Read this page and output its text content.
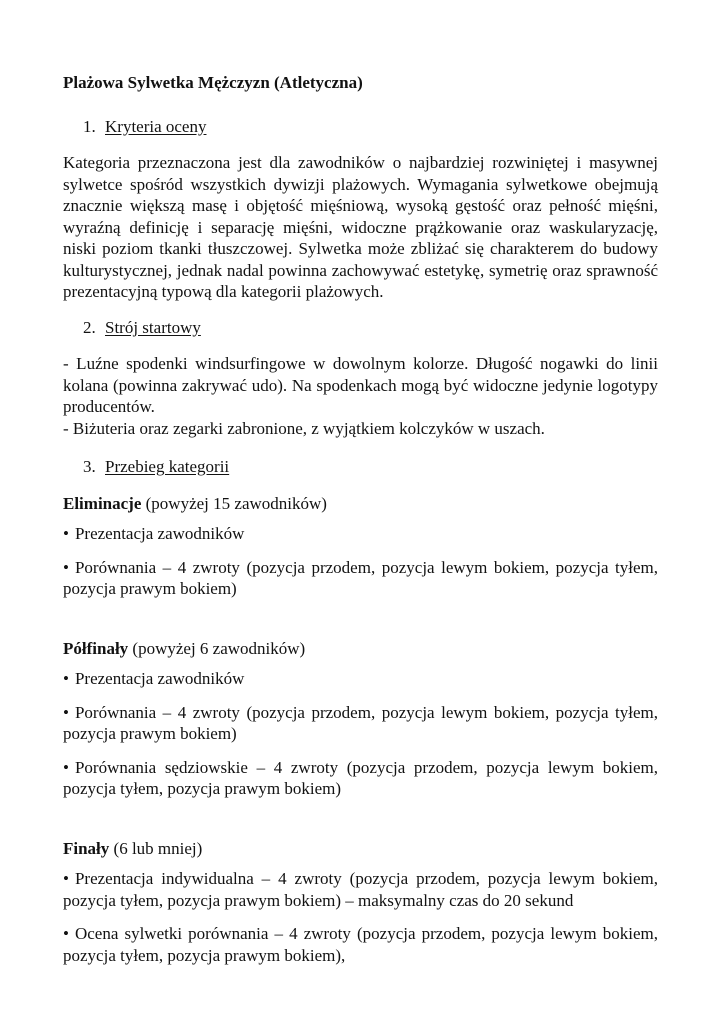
Plażowa Sylwetka Mężczyzn (Atletyczna)
1. Kryteria oceny

Kategoria przeznaczona jest dla zawodników o najbardziej rozwiniętej i masywnej sylwetce spośród wszystkich dywizji plażowych. Wymagania sylwetkowe obejmują znacznie większą masę i objętość mięśniową, wysoką gęstość oraz pełność mięśni, wyraźną definicję i separację mięśni, widoczne prążkowanie oraz waskularyzację, niski poziom tkanki tłuszczowej. Sylwetka może zbliżać się charakterem do budowy kulturystycznej, jednak nadal powinna zachowywać estetykę, symetrię oraz sprawność prezentacyjną typową dla kategorii plażowych.

2. Strój startowy

- Luźne spodenki windsurfingowe w dowolnym kolorze. Długość nogawki do linii kolana (powinna zakrywać udo). Na spodenkach mogą być widoczne jedynie logotypy producentów.

- Biżuteria oraz zegarki zabronione, z wyjątkiem kolczyków w uszach.

3. Przebieg kategorii

Eliminacje (powyżej 15 zawodników)

• Prezentacja zawodników

• Porównania – 4 zwroty (pozycja przodem, pozycja lewym bokiem, pozycja tyłem, pozycja prawym bokiem)

Półfinały (powyżej 6 zawodników)

• Prezentacja zawodników

• Porównania – 4 zwroty (pozycja przodem, pozycja lewym bokiem, pozycja tyłem, pozycja prawym bokiem)

• Porównania sędziowskie – 4 zwroty (pozycja przodem, pozycja lewym bokiem, pozycja tyłem, pozycja prawym bokiem)

Finały (6 lub mniej)

• Prezentacja indywidualna – 4 zwroty (pozycja przodem, pozycja lewym bokiem, pozycja tyłem, pozycja prawym bokiem) – maksymalny czas do 20 sekund

• Ocena sylwetki porównania – 4 zwroty (pozycja przodem, pozycja lewym bokiem, pozycja tyłem, pozycja prawym bokiem),
